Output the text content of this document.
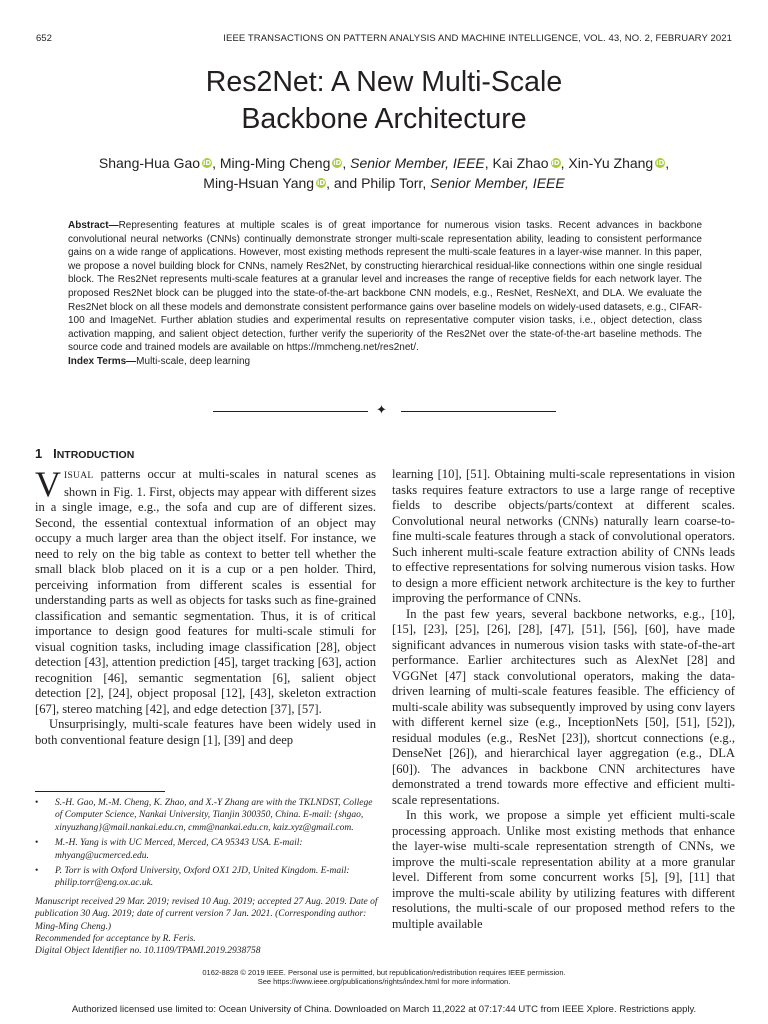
652	IEEE TRANSACTIONS ON PATTERN ANALYSIS AND MACHINE INTELLIGENCE, VOL. 43, NO. 2, FEBRUARY 2021
Res2Net: A New Multi-Scale
Backbone Architecture
Shang-Hua Gao iD, Ming-Ming Cheng iD, Senior Member, IEEE, Kai Zhao iD, Xin-Yu Zhang iD,
Ming-Hsuan Yang iD, and Philip Torr, Senior Member, IEEE

Abstract—Representing features at multiple scales is of great importance for numerous vision tasks. Recent advances in backbone convolutional neural networks (CNNs) continually demonstrate stronger multi-scale representation ability, leading to consistent performance gains on a wide range of applications. However, most existing methods represent the multi-scale features in a layer-wise manner. In this paper, we propose a novel building block for CNNs, namely Res2Net, by constructing hierarchical residual-like connections within one single residual block. The Res2Net represents multi-scale features at a granular level and increases the range of receptive fields for each network layer. The proposed Res2Net block can be plugged into the state-of-the-art backbone CNN models, e.g., ResNet, ResNeXt, and DLA. We evaluate the Res2Net block on all these models and demonstrate consistent performance gains over baseline models on widely-used datasets, e.g., CIFAR-100 and ImageNet. Further ablation studies and experimental results on representative computer vision tasks, i.e., object detection, class activation mapping, and salient object detection, further verify the superiority of the Res2Net over the state-of-the-art baseline methods. The source code and trained models are available on https://mmcheng.net/res2net/.

Index Terms—Multi-scale, deep learning
✦
1 INTRODUCTION

VISUAL patterns occur at multi-scales in natural scenes as shown in Fig. 1. First, objects may appear with different sizes in a single image, e.g., the sofa and cup are of different sizes. Second, the essential contextual information of an object may occupy a much larger area than the object itself. For instance, we need to rely on the big table as context to better tell whether the small black blob placed on it is a cup or a pen holder. Third, perceiving information from different scales is essential for understanding parts as well as objects for tasks such as fine-grained classification and semantic segmentation. Thus, it is of critical importance to design good features for multi-scale stimuli for visual cognition tasks, including image classification [28], object detection [43], attention prediction [45], target tracking [63], action recognition [46], semantic segmentation [6], salient object detection [2], [24], object proposal [12], [43], skeleton extraction [67], stereo matching [42], and edge detection [37], [57].

Unsurprisingly, multi-scale features have been widely used in both conventional feature design [1], [39] and deep

learning [10], [51]. Obtaining multi-scale representations in vision tasks requires feature extractors to use a large range of receptive fields to describe objects/parts/context at different scales. Convolutional neural networks (CNNs) naturally learn coarse-to-fine multi-scale features through a stack of convolutional operators. Such inherent multi-scale feature extraction ability of CNNs leads to effective representations for solving numerous vision tasks. How to design a more efficient network architecture is the key to further improving the performance of CNNs.

In the past few years, several backbone networks, e.g., [10], [15], [23], [25], [26], [28], [47], [51], [56], [60], have made significant advances in numerous vision tasks with state-of-the-art performance. Earlier architectures such as AlexNet [28] and VGGNet [47] stack convolutional operators, making the data-driven learning of multi-scale features feasible. The efficiency of multi-scale ability was subsequently improved by using conv layers with different kernel size (e.g., InceptionNets [50], [51], [52]), residual modules (e.g., ResNet [23]), shortcut connections (e.g., DenseNet [26]), and hierarchical layer aggregation (e.g., DLA [60]). The advances in backbone CNN architectures have demonstrated a trend towards more effective and efficient multi-scale representations.

In this work, we propose a simple yet efficient multi-scale processing approach. Unlike most existing methods that enhance the layer-wise multi-scale representation strength of CNNs, we improve the multi-scale representation ability at a more granular level. Different from some concurrent works [5], [9], [11] that improve the multi-scale ability by utilizing features with different resolutions, the multi-scale of our proposed method refers to the multiple available

• S.-H. Gao, M.-M. Cheng, K. Zhao, and X.-Y Zhang are with the TKLNDST, College of Computer Science, Nankai University, Tianjin 300350, China. E-mail: {shgao, xinyuzhang}@mail.nankai.edu.cn, cmm@nankai.edu.cn, kaiz.xyz@gmail.com.
• M.-H. Yang is with UC Merced, Merced, CA 95343 USA. E-mail: mhyang@ucmerced.edu.
• P. Torr is with Oxford University, Oxford OX1 2JD, United Kingdom. E-mail: philip.torr@eng.ox.ac.uk.
Manuscript received 29 Mar. 2019; revised 10 Aug. 2019; accepted 27 Aug. 2019. Date of publication 30 Aug. 2019; date of current version 7 Jan. 2021. (Corresponding author: Ming-Ming Cheng.)
Recommended for acceptance by R. Feris.
Digital Object Identifier no. 10.1109/TPAMI.2019.2938758
0162-8828 © 2019 IEEE. Personal use is permitted, but republication/redistribution requires IEEE permission.
See https://www.ieee.org/publications/rights/index.html for more information.
Authorized licensed use limited to: Ocean University of China. Downloaded on March 11,2022 at 07:17:44 UTC from IEEE Xplore. Restrictions apply.
